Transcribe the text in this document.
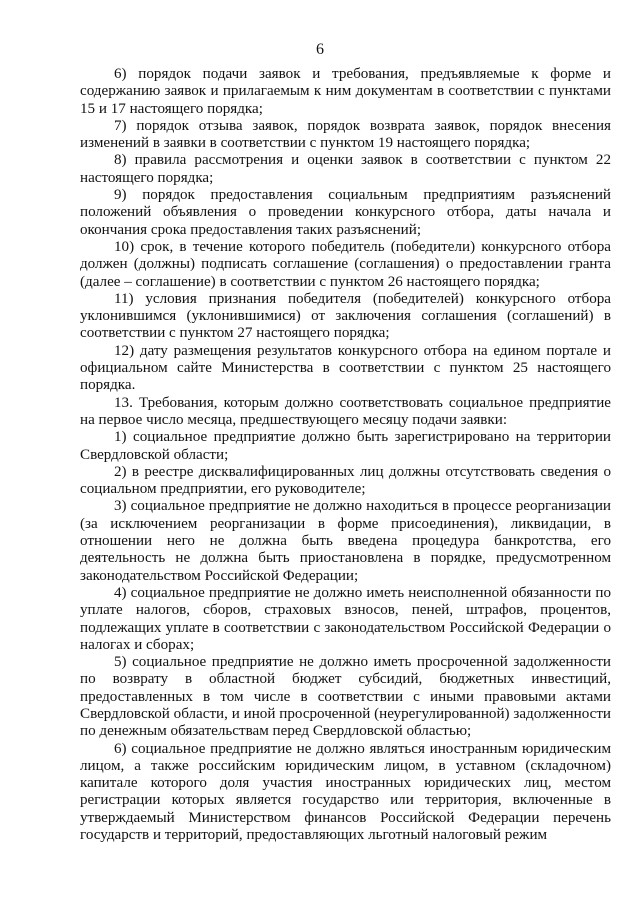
6

6) порядок подачи заявок и требования, предъявляемые к форме и содержанию заявок и прилагаемым к ним документам в соответствии с пунктами 15 и 17 настоящего порядка;

7) порядок отзыва заявок, порядок возврата заявок, порядок внесения изменений в заявки в соответствии с пунктом 19 настоящего порядка;

8) правила рассмотрения и оценки заявок в соответствии с пунктом 22 настоящего порядка;

9) порядок предоставления социальным предприятиям разъяснений положений объявления о проведении конкурсного отбора, даты начала и окончания срока предоставления таких разъяснений;

10) срок, в течение которого победитель (победители) конкурсного отбора должен (должны) подписать соглашение (соглашения) о предоставлении гранта (далее – соглашение) в соответствии с пунктом 26 настоящего порядка;

11) условия признания победителя (победителей) конкурсного отбора уклонившимся (уклонившимися) от заключения соглашения (соглашений) в соответствии с пунктом 27 настоящего порядка;

12) дату размещения результатов конкурсного отбора на едином портале и официальном сайте Министерства в соответствии с пунктом 25 настоящего порядка.

13. Требования, которым должно соответствовать социальное предприятие на первое число месяца, предшествующего месяцу подачи заявки:

1) социальное предприятие должно быть зарегистрировано на территории Свердловской области;

2) в реестре дисквалифицированных лиц должны отсутствовать сведения о социальном предприятии, его руководителе;

3) социальное предприятие не должно находиться в процессе реорганизации (за исключением реорганизации в форме присоединения), ликвидации, в отношении него не должна быть введена процедура банкротства, его деятельность не должна быть приостановлена в порядке, предусмотренном законодательством Российской Федерации;

4) социальное предприятие не должно иметь неисполненной обязанности по уплате налогов, сборов, страховых взносов, пеней, штрафов, процентов, подлежащих уплате в соответствии с законодательством Российской Федерации о налогах и сборах;

5) социальное предприятие не должно иметь просроченной задолженности по возврату в областной бюджет субсидий, бюджетных инвестиций, предоставленных в том числе в соответствии с иными правовыми актами Свердловской области, и иной просроченной (неурегулированной) задолженности по денежным обязательствам перед Свердловской областью;

6) социальное предприятие не должно являться иностранным юридическим лицом, а также российским юридическим лицом, в уставном (складочном) капитале которого доля участия иностранных юридических лиц, местом регистрации которых является государство или территория, включенные в утверждаемый Министерством финансов Российской Федерации перечень государств и территорий, предоставляющих льготный налоговый режим
